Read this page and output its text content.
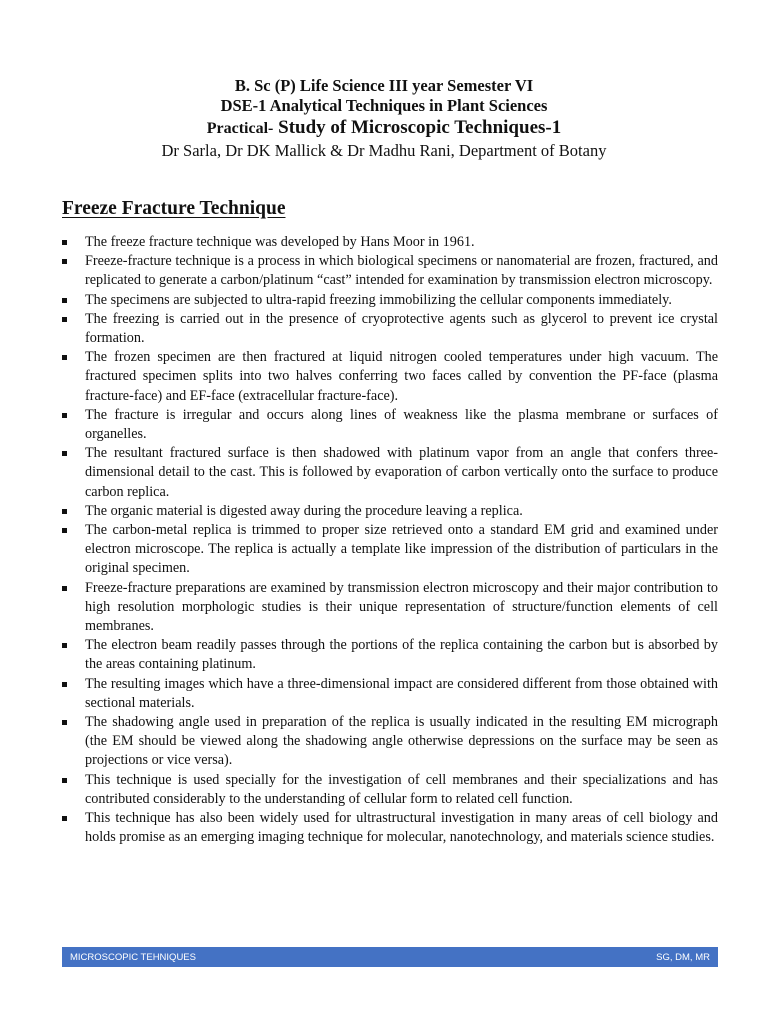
B. Sc (P) Life Science III year Semester VI
DSE-1 Analytical Techniques in Plant Sciences
Practical- Study of Microscopic Techniques-1
Dr Sarla, Dr DK Mallick & Dr Madhu Rani, Department of Botany
Freeze Fracture Technique
The freeze fracture technique was developed by Hans Moor in 1961.
Freeze-fracture technique is a process in which biological specimens or nanomaterial are frozen, fractured, and replicated to generate a carbon/platinum “cast” intended for examination by transmission electron microscopy.
The specimens are subjected to ultra-rapid freezing immobilizing the cellular components immediately.
The freezing is carried out in the presence of cryoprotective agents such as glycerol to prevent ice crystal formation.
The frozen specimen are then fractured at liquid nitrogen cooled temperatures under high vacuum. The fractured specimen splits into two halves conferring two faces called by convention the PF-face (plasma fracture-face) and EF-face (extracellular fracture-face).
The fracture is irregular and occurs along lines of weakness like the plasma membrane or surfaces of organelles.
The resultant fractured surface is then shadowed with platinum vapor from an angle that confers three-dimensional detail to the cast. This is followed by evaporation of carbon vertically onto the surface to produce carbon replica.
The organic material is digested away during the procedure leaving a replica.
The carbon-metal replica is trimmed to proper size retrieved onto a standard EM grid and examined under electron microscope. The replica is actually a template like impression of the distribution of particulars in the original specimen.
Freeze-fracture preparations are examined by transmission electron microscopy and their major contribution to high resolution morphologic studies is their unique representation of structure/function elements of cell membranes.
The electron beam readily passes through the portions of the replica containing the carbon but is absorbed by the areas containing platinum.
The resulting images which have a three-dimensional impact are considered different from those obtained with sectional materials.
The shadowing angle used in preparation of the replica is usually indicated in the resulting EM micrograph (the EM should be viewed along the shadowing angle otherwise depressions on the surface may be seen as projections or vice versa).
This technique is used specially for the investigation of cell membranes and their specializations and has contributed considerably to the understanding of cellular form to related cell function.
This technique has also been widely used for ultrastructural investigation in many areas of cell biology and holds promise as an emerging imaging technique for molecular, nanotechnology, and materials science studies.
MICROSCOPIC TEHNIQUES	SG, DM, MR
